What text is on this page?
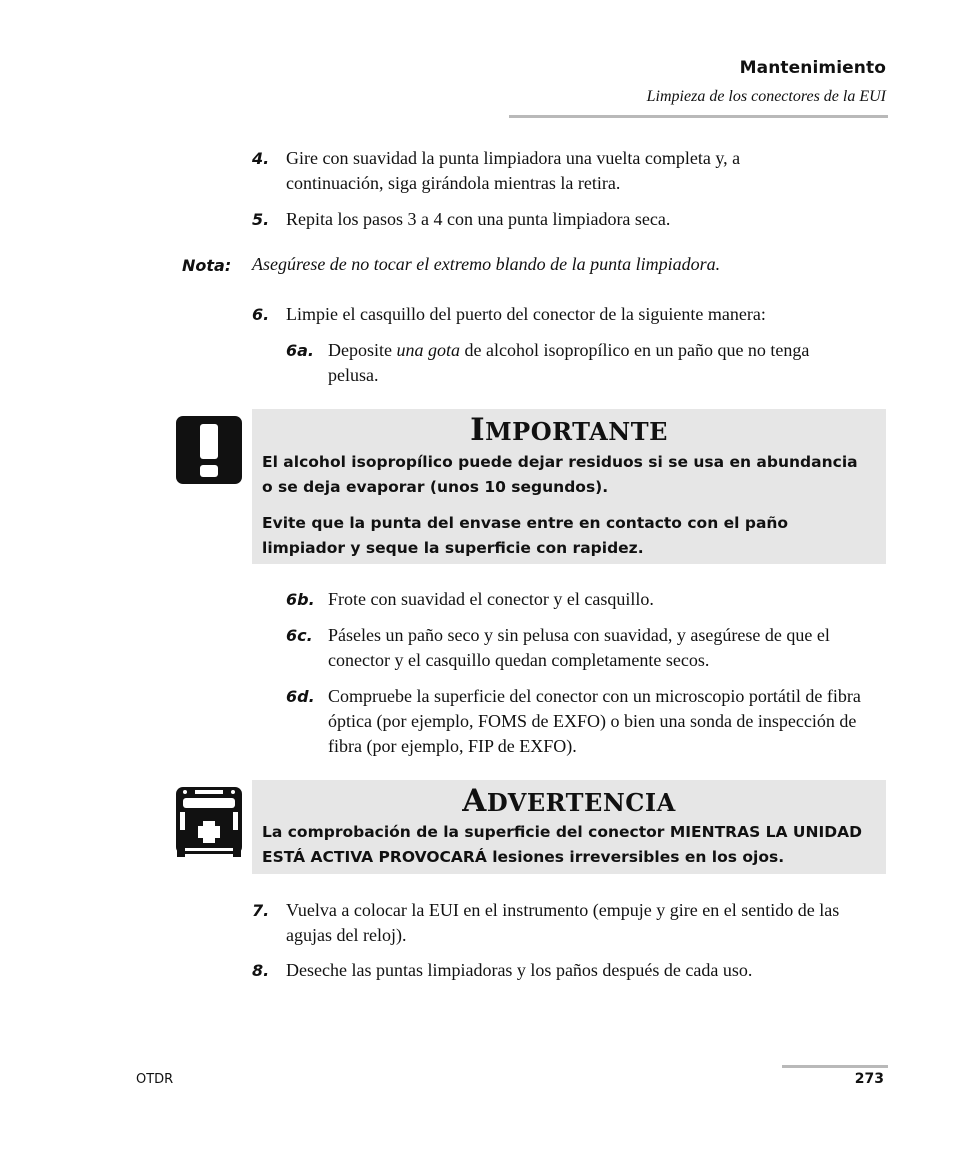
Mantenimiento
Limpieza de los conectores de la EUI
4. Gire con suavidad la punta limpiadora una vuelta completa y, a continuación, siga girándola mientras la retira.
5. Repita los pasos 3 a 4 con una punta limpiadora seca.
Nota: Asegúrese de no tocar el extremo blando de la punta limpiadora.
6. Limpie el casquillo del puerto del conector de la siguiente manera:
6a. Deposite una gota de alcohol isopropílico en un paño que no tenga pelusa.
IMPORTANTE

El alcohol isopropílico puede dejar residuos si se usa en abundancia o se deja evaporar (unos 10 segundos).

Evite que la punta del envase entre en contacto con el paño limpiador y seque la superficie con rapidez.

6b. Frote con suavidad el conector y el casquillo.
6c. Páseles un paño seco y sin pelusa con suavidad, y asegúrese de que el conector y el casquillo quedan completamente secos.
6d. Compruebe la superficie del conector con un microscopio portátil de fibra óptica (por ejemplo, FOMS de EXFO) o bien una sonda de inspección de fibra (por ejemplo, FIP de EXFO).
ADVERTENCIA

La comprobación de la superficie del conector MIENTRAS LA UNIDAD ESTÁ ACTIVA PROVOCARÁ lesiones irreversibles en los ojos.

7. Vuelva a colocar la EUI en el instrumento (empuje y gire en el sentido de las agujas del reloj).
8. Deseche las puntas limpiadoras y los paños después de cada uso.
OTDR	273
